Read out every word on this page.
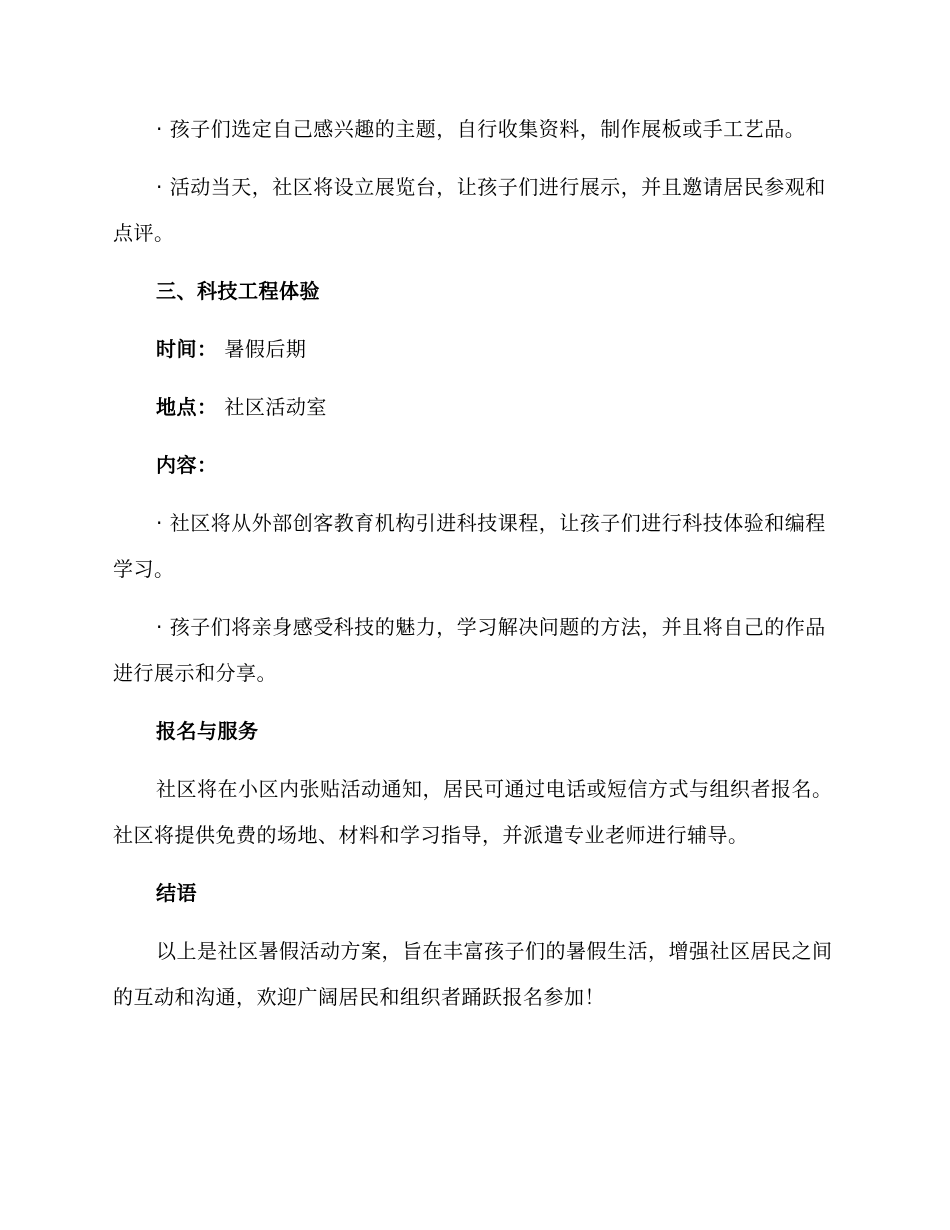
· 孩子们选定自己感兴趣的主题，自行收集资料，制作展板或手工艺品。

· 活动当天，社区将设立展览台，让孩子们进行展示，并且邀请居民参观和点评。

三、科技工程体验

时间： 暑假后期

地点： 社区活动室

内容：

· 社区将从外部创客教育机构引进科技课程，让孩子们进行科技体验和编程学习。

· 孩子们将亲身感受科技的魅力，学习解决问题的方法，并且将自己的作品进行展示和分享。

报名与服务

社区将在小区内张贴活动通知，居民可通过电话或短信方式与组织者报名。社区将提供免费的场地、材料和学习指导，并派遣专业老师进行辅导。

结语

以上是社区暑假活动方案，旨在丰富孩子们的暑假生活，增强社区居民之间的互动和沟通，欢迎广阔居民和组织者踊跃报名参加！
